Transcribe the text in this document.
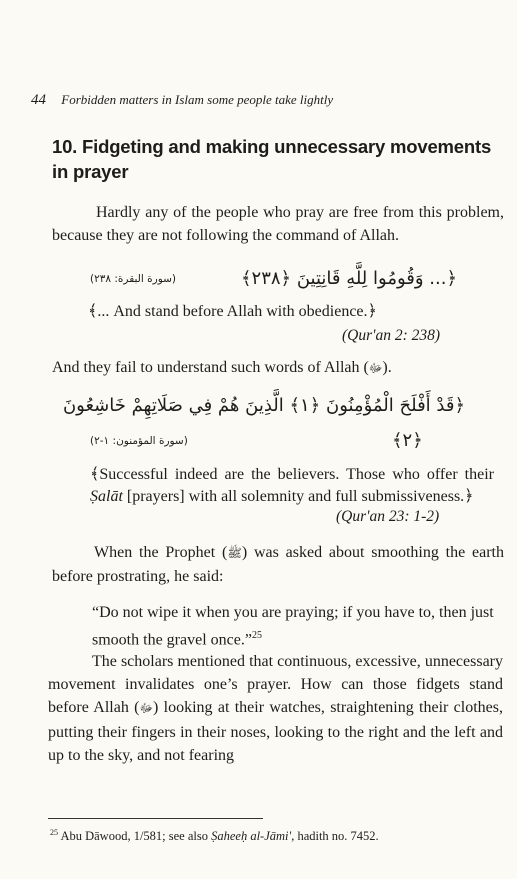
44 Forbidden matters in Islam some people take lightly
10. Fidgeting and making unnecessary movements in prayer
Hardly any of the people who pray are free from this problem, because they are not following the command of Allah.
﴿... وَقُومُوا لِلَّهِ قَانِتِينَ ﴿٢٣٨﴾
(سورة البقرة: ٢٣٨)
﴾... And stand before Allah with obedience.﴿
(Qur'an 2: 238)
And they fail to understand such words of Allah (ﷻ).
﴿قَدْ أَفْلَحَ الْمُؤْمِنُونَ ﴿١﴾ الَّذِينَ هُمْ فِي صَلَاتِهِمْ خَاشِعُونَ
(سورة المؤمنون: ١-٢)	﴿٢﴾
﴾Successful indeed are the believers. Those who offer their Ṣalāt [prayers] with all solemnity and full submissiveness.﴿
(Qur'an 23: 1-2)
When the Prophet (ﷺ) was asked about smoothing the earth before prostrating, he said:
“Do not wipe it when you are praying; if you have to, then just smooth the gravel once.”$^{25}$
The scholars mentioned that continuous, excessive, unnecessary movement invalidates one’s prayer. How can those fidgets stand before Allah (ﷻ) looking at their watches, straightening their clothes, putting their fingers in their noses, looking to the right and the left and up to the sky, and not fearing
$^{25}$ Abu Dāwood, 1/581; see also Ṣaheeḥ al-Jāmi', hadith no. 7452.
